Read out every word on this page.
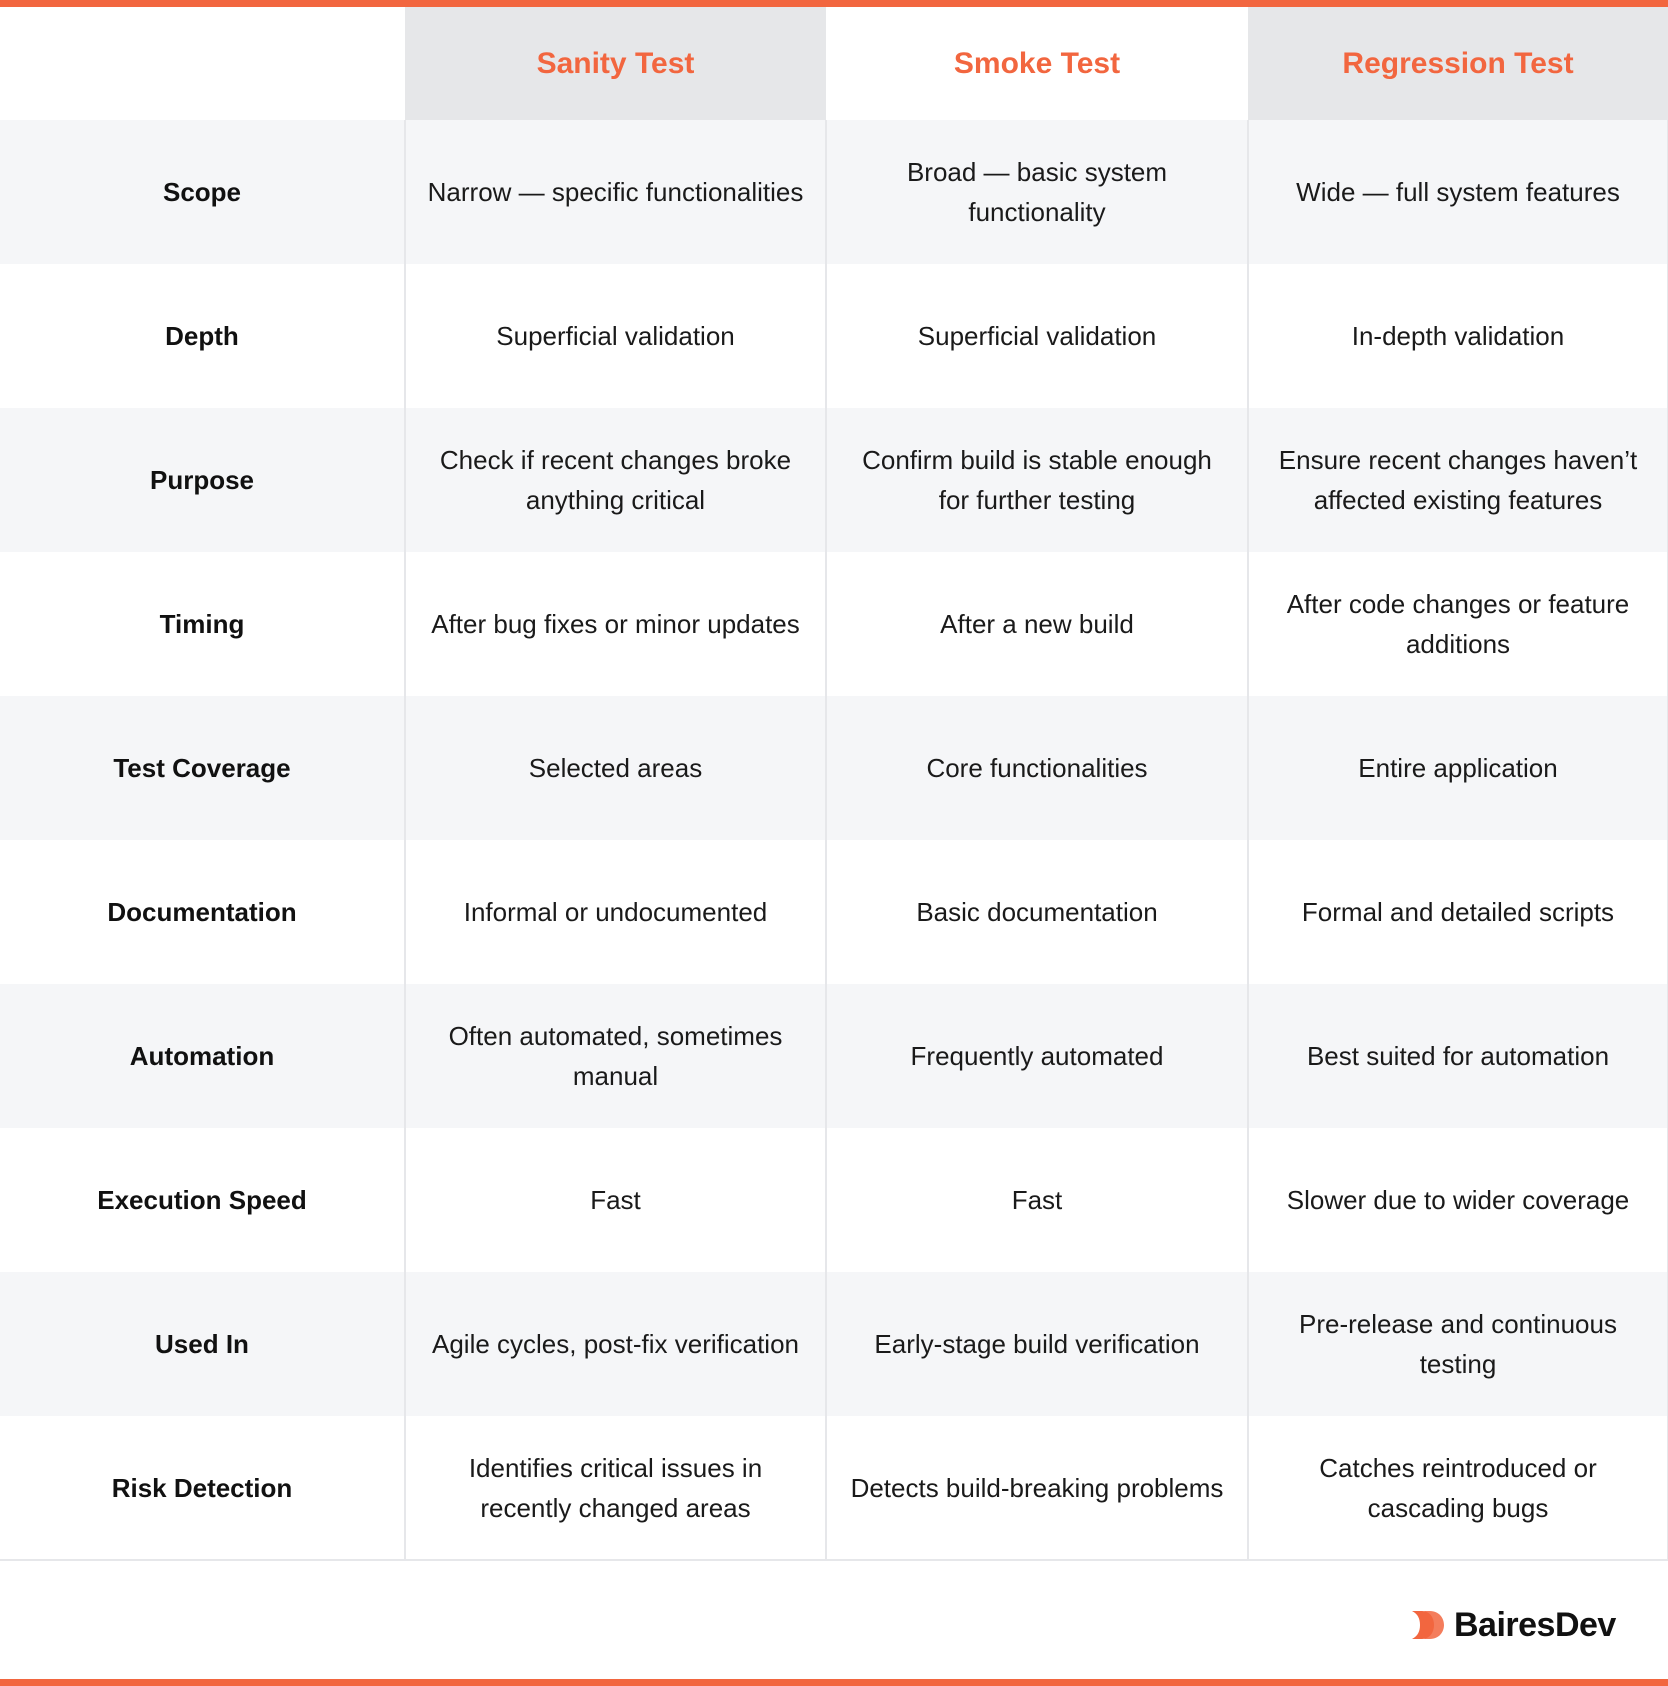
	Sanity Test	Smoke Test	Regression Test
Scope	Narrow — specific functionalities	Broad — basic system functionality	Wide — full system features
Depth	Superficial validation	Superficial validation	In-depth validation
Purpose	Check if recent changes broke anything critical	Confirm build is stable enough for further testing	Ensure recent changes haven’t affected existing features
Timing	After bug fixes or minor updates	After a new build	After code changes or feature additions
Test Coverage	Selected areas	Core functionalities	Entire application
Documentation	Informal or undocumented	Basic documentation	Formal and detailed scripts
Automation	Often automated, sometimes manual	Frequently automated	Best suited for automation
Execution Speed	Fast	Fast	Slower due to wider coverage
Used In	Agile cycles, post-fix verification	Early-stage build verification	Pre-release and continuous testing
Risk Detection	Identifies critical issues in recently changed areas	Detects build-breaking problems	Catches reintroduced or cascading bugs
BairesDev
